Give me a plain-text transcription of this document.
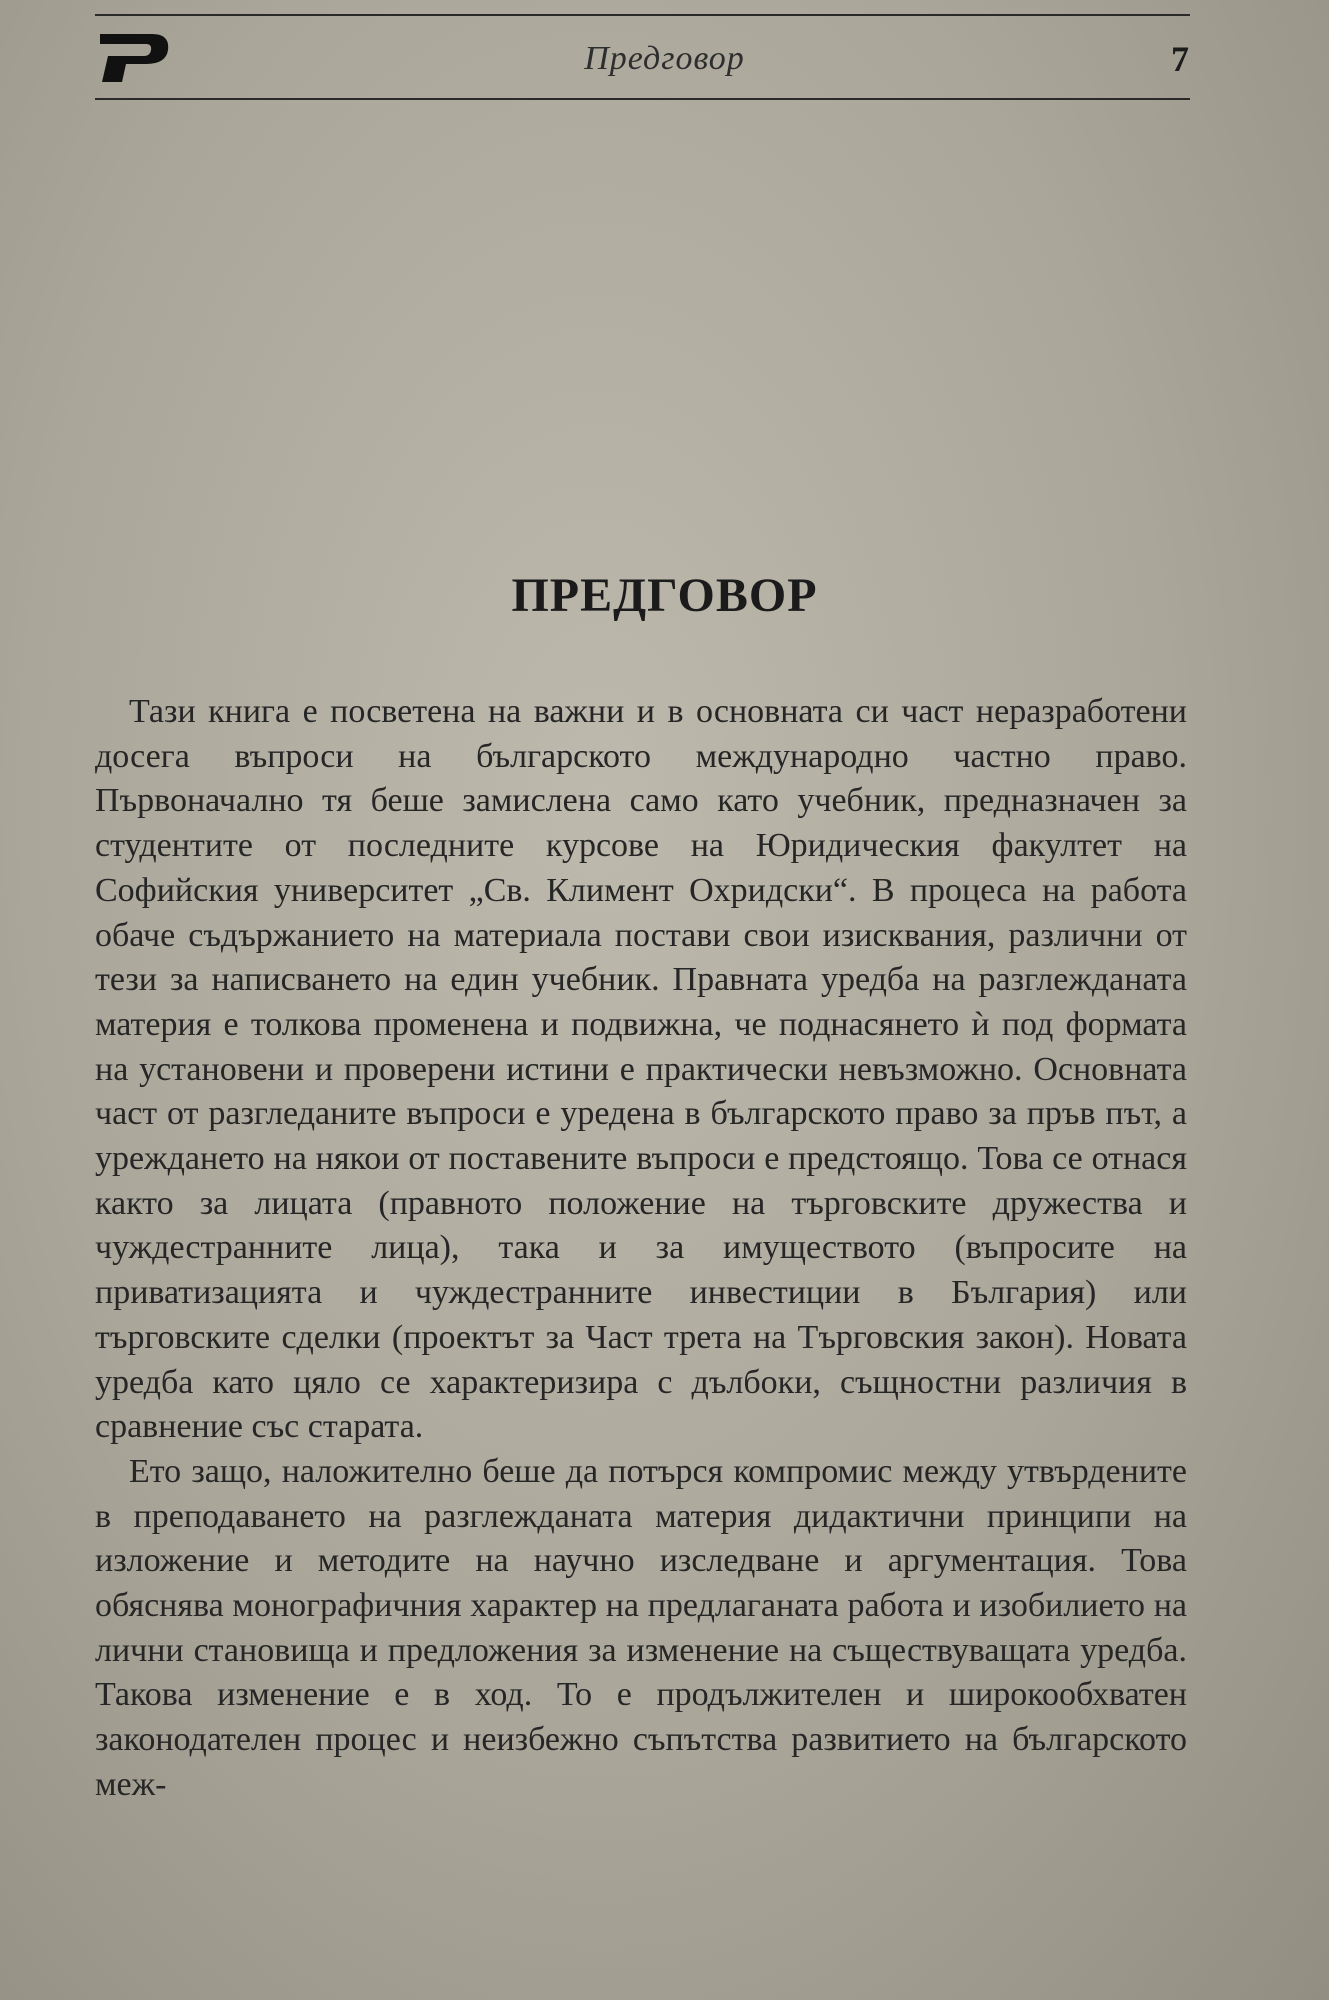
Предговор	7
ПРЕДГОВОР

Тази книга е посветена на важни и в основната си част неразработени досега въпроси на българското международно частно право. Първоначално тя беше замислена само като учебник, предназначен за студентите от последните курсове на Юридическия факултет на Софийския университет „Св. Климент Охридски“. В процеса на работа обаче съдържанието на материала постави свои изисквания, различни от тези за написването на един учебник. Правната уредба на разглежданата материя е толкова променена и подвижна, че поднасянето ѝ под формата на установени и проверени истини е практически невъзможно. Основната част от разгледаните въпроси е уредена в българското право за пръв път, а уреждането на някои от поставените въпроси е предстоящо. Това се отнася както за лицата (правното положение на търговските дружества и чуждестранните лица), така и за имуществото (въпросите на приватизацията и чуждестранните инвестиции в България) или търговските сделки (проектът за Част трета на Търговския закон). Новата уредба като цяло се характеризира с дълбоки, същностни различия в сравнение със старата.

Ето защо, наложително беше да потърся компромис между утвърдените в преподаването на разглежданата материя дидактични принципи на изложение и методите на научно изследване и аргументация. Това обяснява монографичния характер на предлаганата работа и изобилието на лични становища и предложения за изменение на съществуващата уредба. Такова изменение е в ход. То е продължителен и широкообхватен законодателен процес и неизбежно съпътства развитието на българското меж-
